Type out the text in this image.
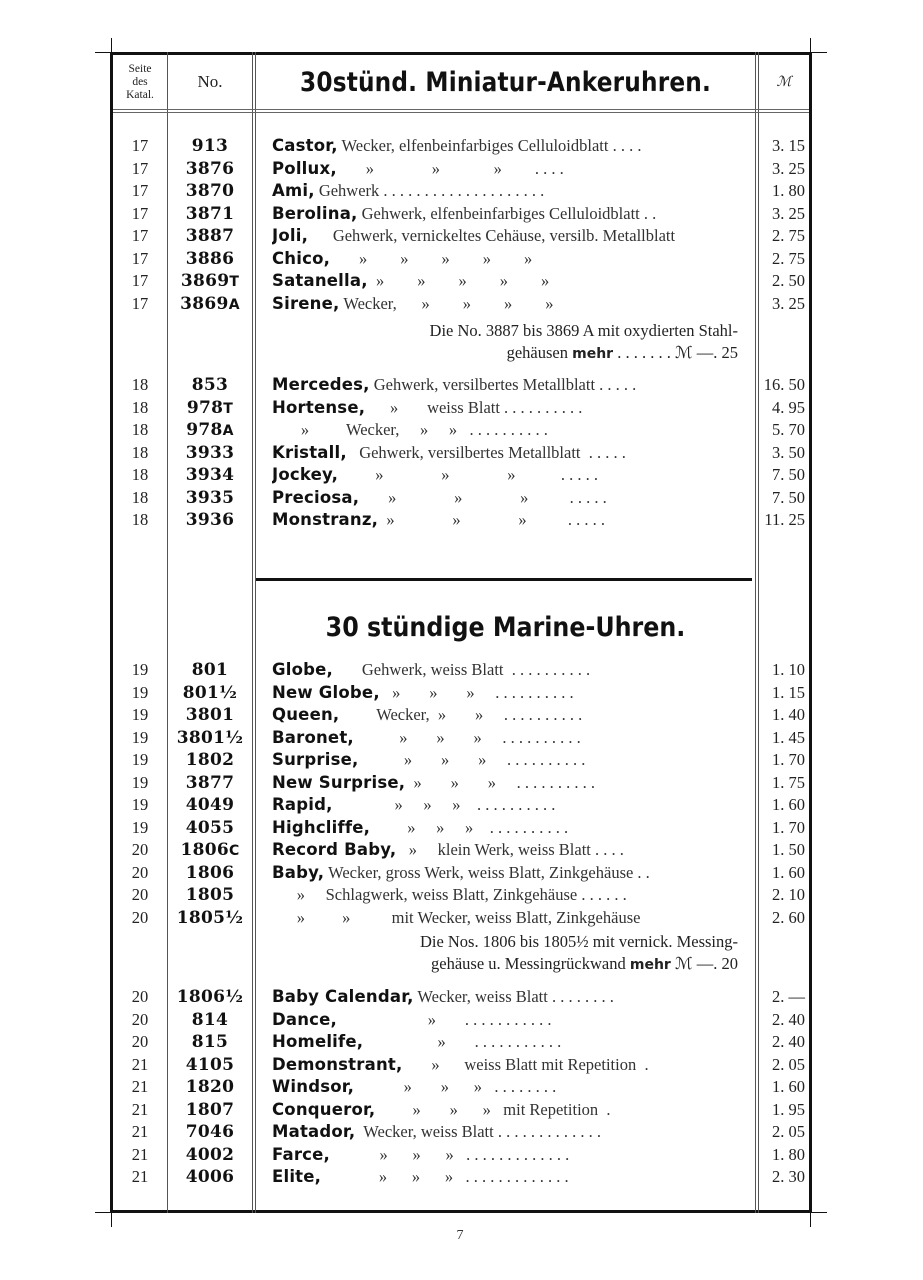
Seite
des
Katal.
No.	30stünd. Miniatur-Ankeruhren.	ℳ
17	913	Castor, Wecker, elfenbeinfarbiges Celluloidblatt . . . .	3. 15
17	3876	Pollux,       »              »             »        . . . .	3. 25
17	3870	Ami, Gehwerk . . . . . . . . . . . . . . . . . . . .	1. 80
17	3871	Berolina, Gehwerk, elfenbeinfarbiges Celluloidblatt . .	3. 25
17	3887	Joli,      Gehwerk, vernickeltes Cehäuse, versilb. Metallblatt	2. 75
17	3886	Chico,       »        »        »        »        »	2. 75
17	3869T	Satanella,  »        »        »        »        »	2. 50
17	3869A	Sirene, Wecker,      »        »        »        »	3. 25
18	853	Mercedes, Gehwerk, versilbertes Metallblatt . . . . .	16. 50
18	978T	Hortense,      »       weiss Blatt . . . . . . . . . .	4. 95
18	978A	»         Wecker,     »     »   . . . . . . . . . .	5. 70
18	3933	Kristall,   Gehwerk, versilbertes Metallblatt  . . . . .	3. 50
18	3934	Jockey,         »              »              »           . . . . .	7. 50
18	3935	Preciosa,       »              »              »          . . . . .	7. 50
18	3936	Monstranz,  »              »              »          . . . . .	11. 25
19	801	Globe,       Gehwerk, weiss Blatt  . . . . . . . . . .	1. 10
19	801½	New Globe,   »       »       »     . . . . . . . . . .	1. 15
19	3801	Queen,         Wecker,  »       »     . . . . . . . . . .	1. 40
19	3801½	Baronet,           »       »       »     . . . . . . . . . .	1. 45
19	1802	Surprise,           »       »       »     . . . . . . . . . .	1. 70
19	3877	New Surprise,  »       »       »     . . . . . . . . . .	1. 75
19	4049	Rapid,               »     »     »    . . . . . . . . . .	1. 60
19	4055	Highcliffe,         »     »     »    . . . . . . . . . .	1. 70
20	1806C	Record Baby,   »     klein Werk, weiss Blatt . . . .	1. 50
20	1806	Baby, Wecker, gross Werk, weiss Blatt, Zinkgehäuse . .	1. 60
20	1805	»     Schlagwerk, weiss Blatt, Zinkgehäuse . . . . . .	2. 10
20	1805½	»         »          mit Wecker, weiss Blatt, Zinkgehäuse	2. 60
20	1806½	Baby Calendar, Wecker, weiss Blatt . . . . . . . .	2. —
20	814	Dance,                      »       . . . . . . . . . . .	2. 40
20	815	Homelife,                  »       . . . . . . . . . . .	2. 40
21	4105	Demonstrant,       »      weiss Blatt mit Repetition  .	2. 05
21	1820	Windsor,            »       »      »   . . . . . . . .	1. 60
21	1807	Conqueror,         »       »      »   mit Repetition  .	1. 95
21	7046	Matador,  Wecker, weiss Blatt . . . . . . . . . . . . .	2. 05
21	4002	Farce,            »      »      »   . . . . . . . . . . . . .	1. 80
21	4006	Elite,              »      »      »   . . . . . . . . . . . . .	2. 30
Die No. 3887 bis 3869 A mit oxydierten Stahl-
gehäusen mehr . . . . . . . ℳ —. 25
30 stündige Marine-Uhren.
Die Nos. 1806 bis 1805½ mit vernick. Messing-
gehäuse u. Messingrückwand mehr ℳ —. 20
7
